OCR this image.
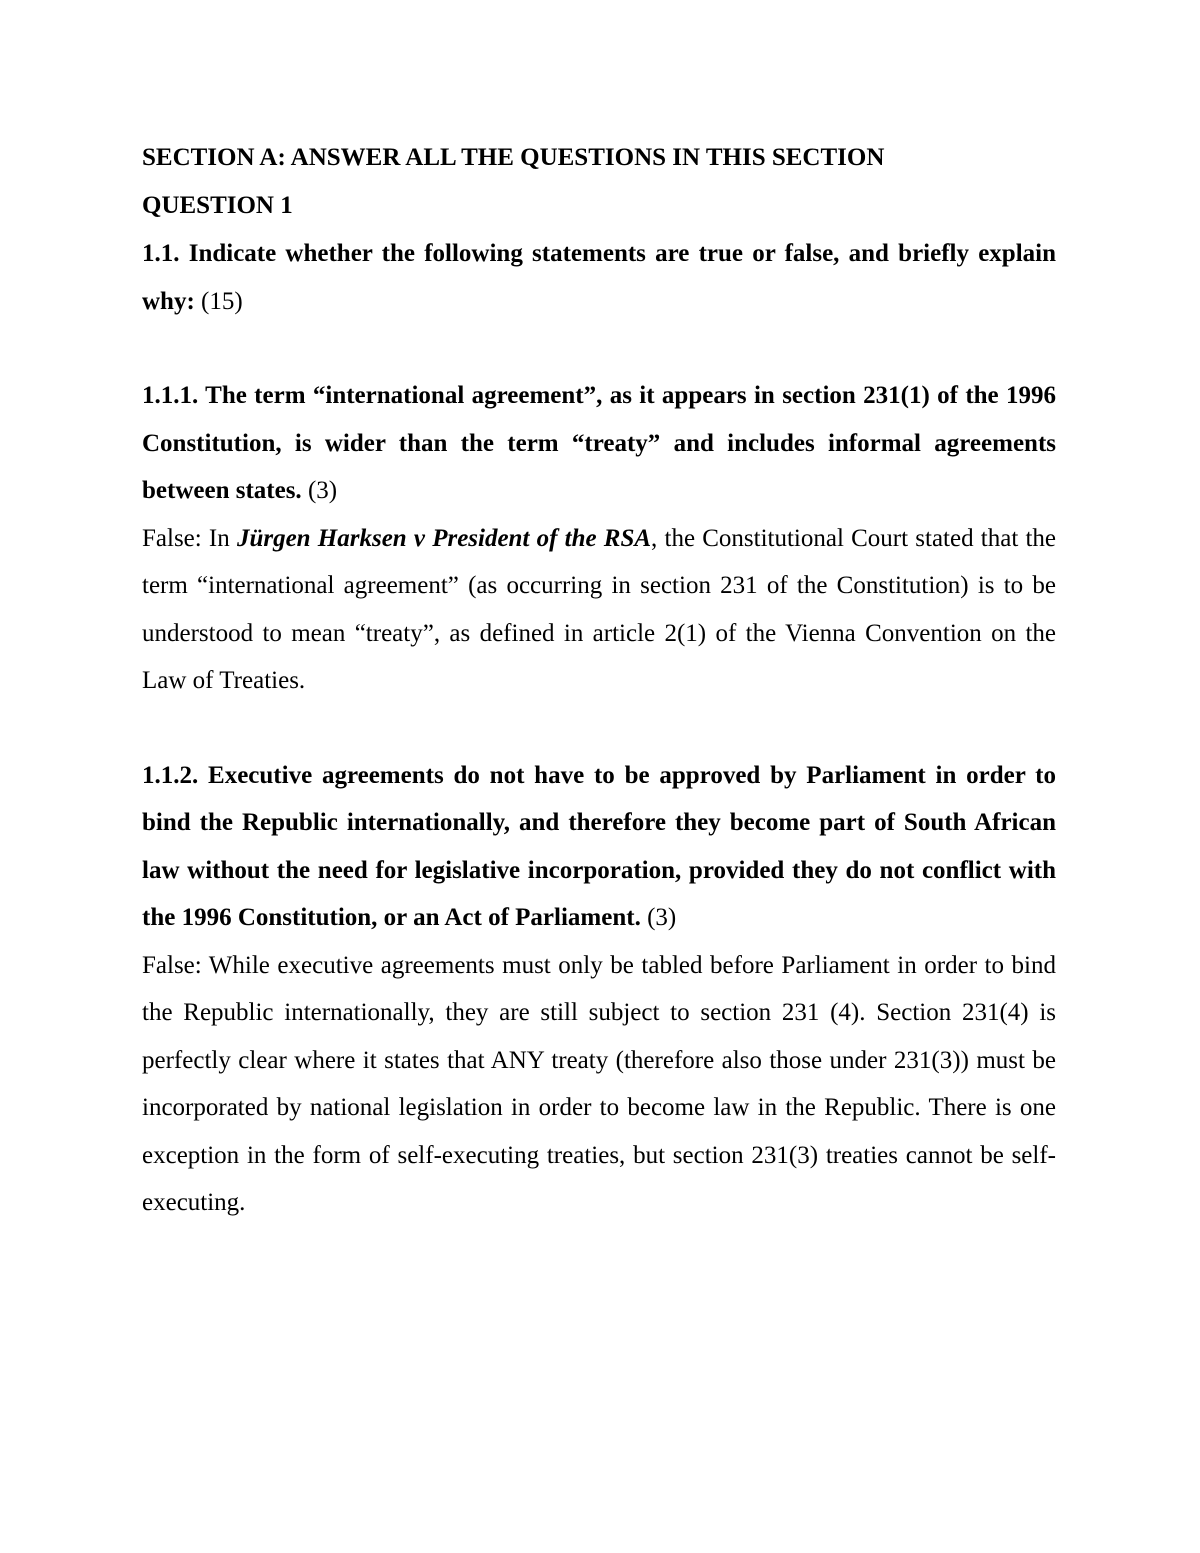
SECTION A: ANSWER ALL THE QUESTIONS IN THIS SECTION
QUESTION 1

1.1. Indicate whether the following statements are true or false, and briefly explain why: (15)

1.1.1. The term “international agreement”, as it appears in section 231(1) of the 1996 Constitution, is wider than the term “treaty” and includes informal agreements between states. (3)

False: In Jürgen Harksen v President of the RSA, the Constitutional Court stated that the term “international agreement” (as occurring in section 231 of the Constitution) is to be understood to mean “treaty”, as defined in article 2(1) of the Vienna Convention on the Law of Treaties.

1.1.2. Executive agreements do not have to be approved by Parliament in order to bind the Republic internationally, and therefore they become part of South African law without the need for legislative incorporation, provided they do not conflict with the 1996 Constitution, or an Act of Parliament. (3)

False: While executive agreements must only be tabled before Parliament in order to bind the Republic internationally, they are still subject to section 231 (4). Section 231(4) is perfectly clear where it states that ANY treaty (therefore also those under 231(3)) must be incorporated by national legislation in order to become law in the Republic. There is one exception in the form of self-executing treaties, but section 231(3) treaties cannot be self-executing.
